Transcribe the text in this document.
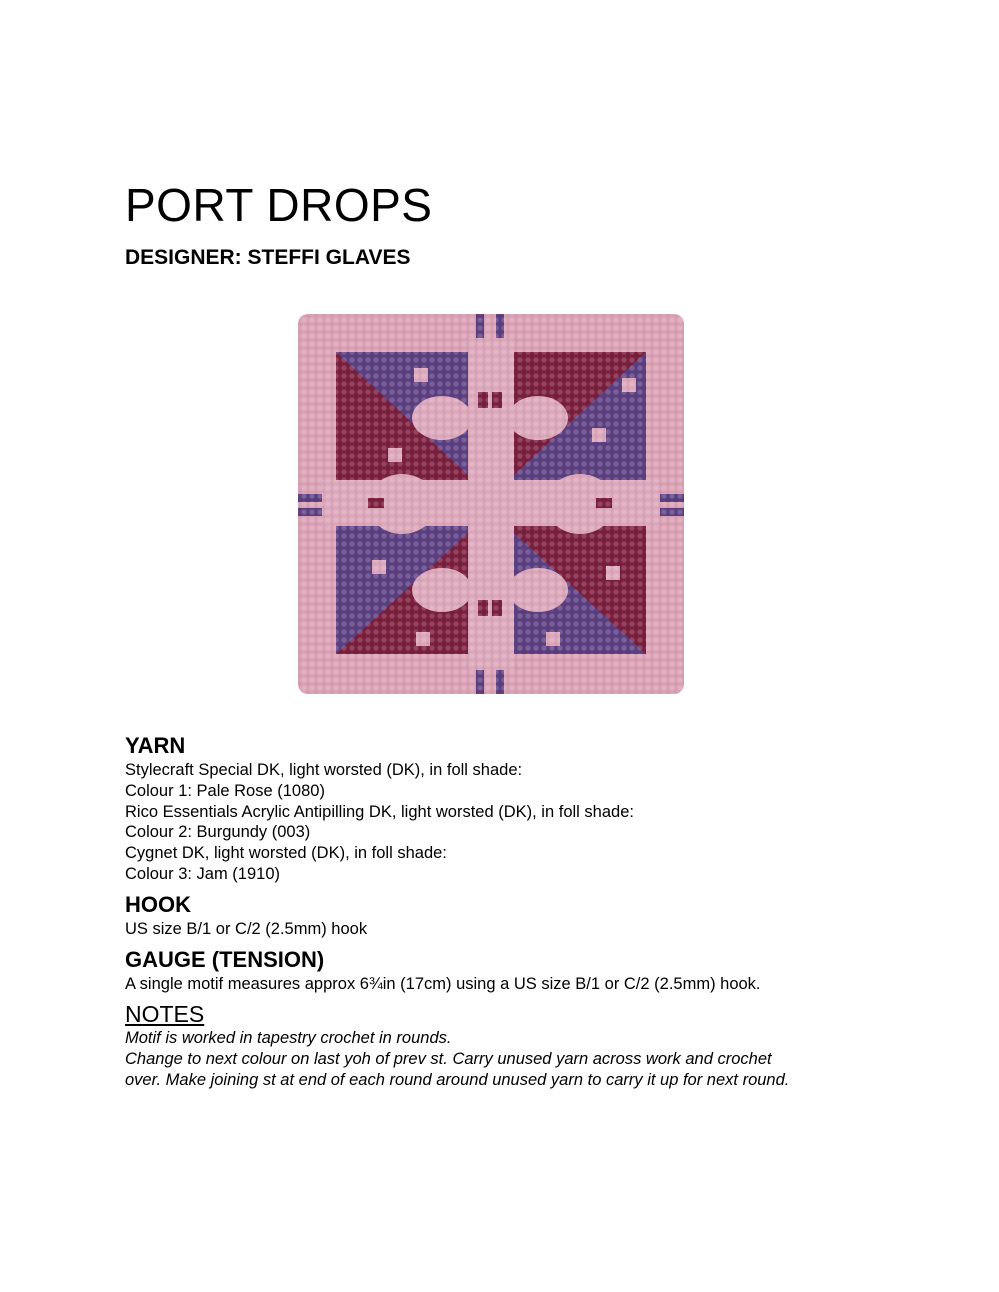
PORT DROPS
DESIGNER: STEFFI GLAVES
YARN

Stylecraft Special DK, light worsted (DK), in foll shade:

Colour 1: Pale Rose (1080)

Rico Essentials Acrylic Antipilling DK, light worsted (DK), in foll shade:

Colour 2: Burgundy (003)

Cygnet DK, light worsted (DK), in foll shade:

Colour 3: Jam (1910)

HOOK

US size B/1 or C/2 (2.5mm) hook

GAUGE (TENSION)

A single motif measures approx 6¾in (17cm) using a US size B/1 or C/2 (2.5mm) hook.

NOTES

Motif is worked in tapestry crochet in rounds.

Change to next colour on last yoh of prev st. Carry unused yarn across work and crochet

over. Make joining st at end of each round around unused yarn to carry it up for next round.
